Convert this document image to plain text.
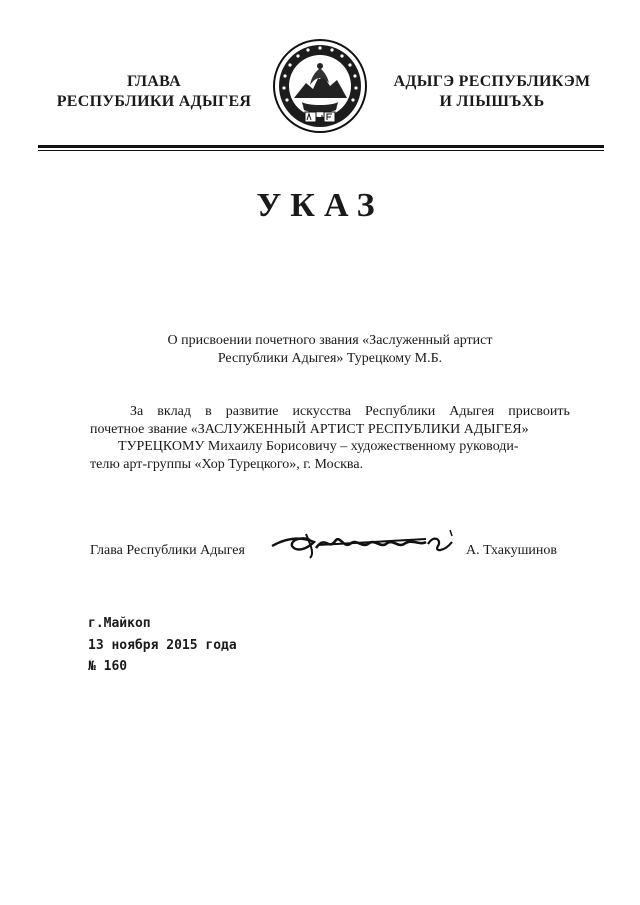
ГЛАВА
РЕСПУБЛИКИ АДЫГЕЯ
АДЫГЭ РЕСПУБЛИКЭМ
И ЛІЫШЪХЬ
УКАЗ
О присвоении почетного звания «Заслуженный артист
Республики Адыгея» Турецкому М.Б.
За вклад в развитие искусства Республики Адыгея присвоить
почетное звание «ЗАСЛУЖЕННЫЙ АРТИСТ РЕСПУБЛИКИ АДЫГЕЯ»
ТУРЕЦКОМУ Михаилу Борисовичу – художественному руководи-
телю арт-группы «Хор Турецкого», г. Москва.
Глава Республики Адыгея	А. Тхакушинов
г.Майкоп
13 ноября 2015 года
№ 160
